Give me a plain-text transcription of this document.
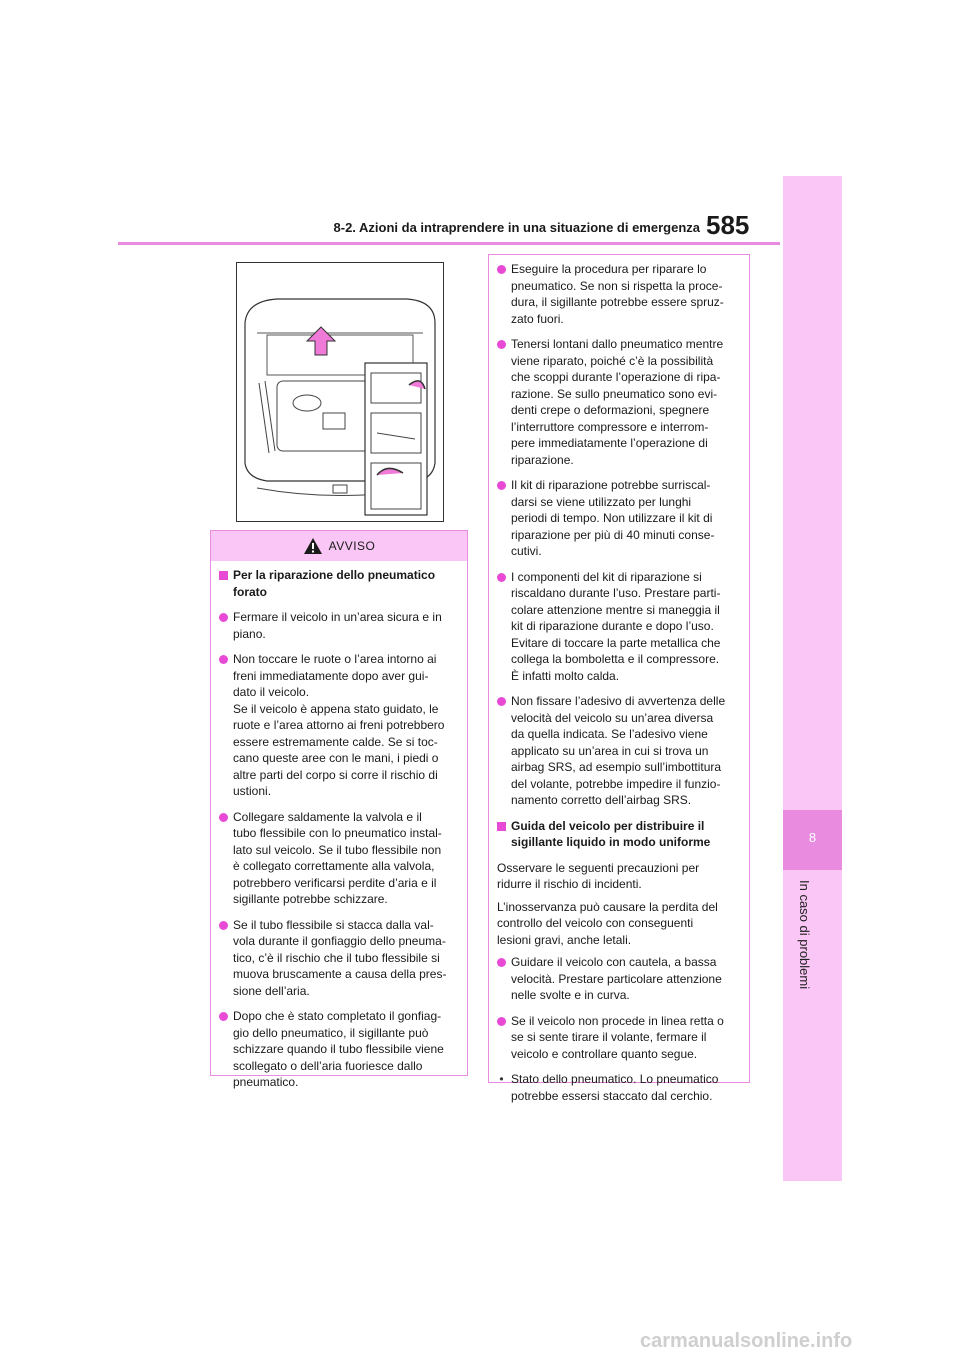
8
In caso di problemi
8-2. Azioni da intraprendere in una situazione di emergenza 585
AVVISO
Per la riparazione dello pneumatico
forato
Fermare il veicolo in un’area sicura e in
piano.
Non toccare le ruote o l’area intorno ai
freni immediatamente dopo aver gui-
dato il veicolo.
Se il veicolo è appena stato guidato, le
ruote e l’area attorno ai freni potrebbero
essere estremamente calde. Se si toc-
cano queste aree con le mani, i piedi o
altre parti del corpo si corre il rischio di
ustioni.
Collegare saldamente la valvola e il
tubo flessibile con lo pneumatico instal-
lato sul veicolo. Se il tubo flessibile non
è collegato correttamente alla valvola,
potrebbero verificarsi perdite d’aria e il
sigillante potrebbe schizzare.
Se il tubo flessibile si stacca dalla val-
vola durante il gonfiaggio dello pneuma-
tico, c’è il rischio che il tubo flessibile si
muova bruscamente a causa della pres-
sione dell’aria.
Dopo che è stato completato il gonfiag-
gio dello pneumatico, il sigillante può
schizzare quando il tubo flessibile viene
scollegato o dell’aria fuoriesce dallo
pneumatico.
Eseguire la procedura per riparare lo
pneumatico. Se non si rispetta la proce-
dura, il sigillante potrebbe essere spruz-
zato fuori.
Tenersi lontani dallo pneumatico mentre
viene riparato, poiché c’è la possibilità
che scoppi durante l’operazione di ripa-
razione. Se sullo pneumatico sono evi-
denti crepe o deformazioni, spegnere
l’interruttore compressore e interrom-
pere immediatamente l’operazione di
riparazione.
Il kit di riparazione potrebbe surriscal-
darsi se viene utilizzato per lunghi
periodi di tempo. Non utilizzare il kit di
riparazione per più di 40 minuti conse-
cutivi.
I componenti del kit di riparazione si
riscaldano durante l’uso. Prestare parti-
colare attenzione mentre si maneggia il
kit di riparazione durante e dopo l’uso.
Evitare di toccare la parte metallica che
collega la bomboletta e il compressore.
È infatti molto calda.
Non fissare l’adesivo di avvertenza delle
velocità del veicolo su un’area diversa
da quella indicata. Se l’adesivo viene
applicato su un’area in cui si trova un
airbag SRS, ad esempio sull’imbottitura
del volante, potrebbe impedire il funzio-
namento corretto dell’airbag SRS.
Guida del veicolo per distribuire il
sigillante liquido in modo uniforme
Osservare le seguenti precauzioni per
ridurre il rischio di incidenti.
L’inosservanza può causare la perdita del
controllo del veicolo con conseguenti
lesioni gravi, anche letali.
Guidare il veicolo con cautela, a bassa
velocità. Prestare particolare attenzione
nelle svolte e in curva.
Se il veicolo non procede in linea retta o
se si sente tirare il volante, fermare il
veicolo e controllare quanto segue.
• Stato dello pneumatico. Lo pneumatico
potrebbe essersi staccato dal cerchio.
carmanualsonline.info
